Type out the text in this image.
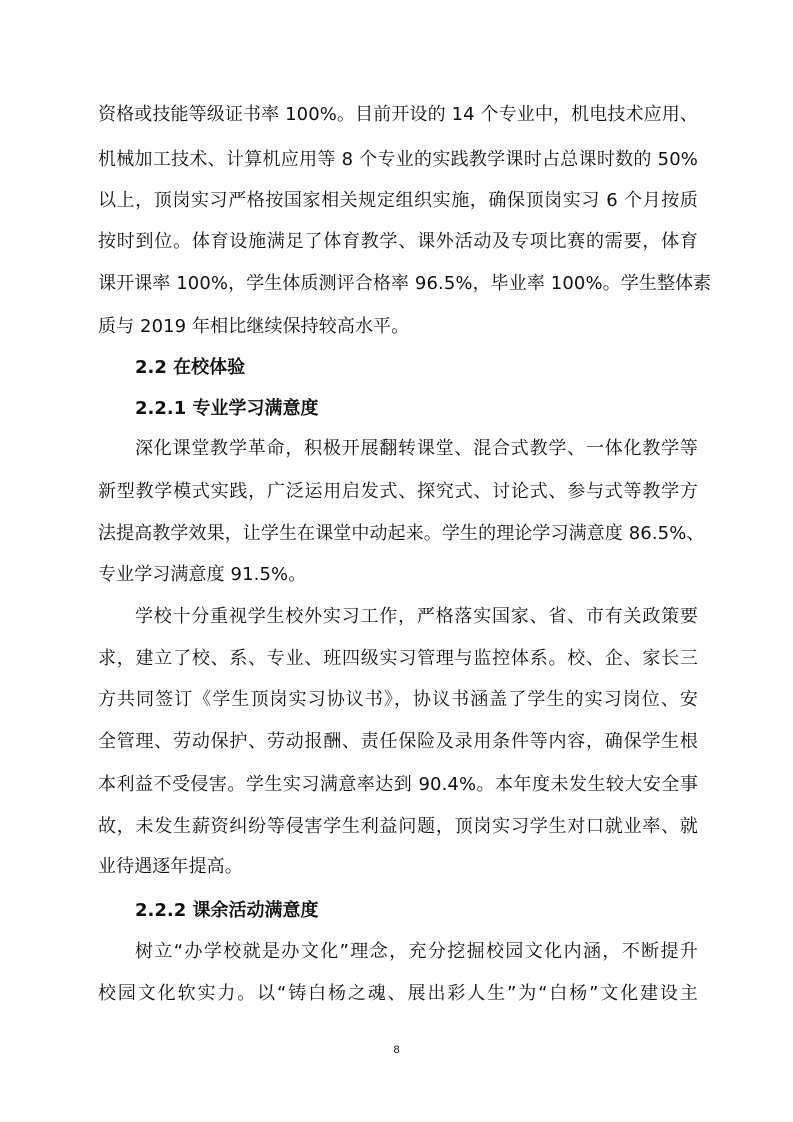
资格或技能等级证书率 100%。目前开设的 14 个专业中，机电技术应用、
机械加工技术、计算机应用等 8 个专业的实践教学课时占总课时数的 50%
以上，顶岗实习严格按国家相关规定组织实施，确保顶岗实习 6 个月按质
按时到位。体育设施满足了体育教学、课外活动及专项比赛的需要，体育
课开课率 100%，学生体质测评合格率 96.5%，毕业率 100%。学生整体素
质与 2019 年相比继续保持较高水平。
2.2 在校体验
2.2.1 专业学习满意度
深化课堂教学革命，积极开展翻转课堂、混合式教学、一体化教学等
新型教学模式实践，广泛运用启发式、探究式、讨论式、参与式等教学方
法提高教学效果，让学生在课堂中动起来。学生的理论学习满意度 86.5%、
专业学习满意度 91.5%。
学校十分重视学生校外实习工作，严格落实国家、省、市有关政策要
求，建立了校、系、专业、班四级实习管理与监控体系。校、企、家长三
方共同签订《学生顶岗实习协议书》，协议书涵盖了学生的实习岗位、安
全管理、劳动保护、劳动报酬、责任保险及录用条件等内容，确保学生根
本利益不受侵害。学生实习满意率达到 90.4%。本年度未发生较大安全事
故，未发生薪资纠纷等侵害学生利益问题，顶岗实习学生对口就业率、就
业待遇逐年提高。
2.2.2 课余活动满意度
树立“办学校就是办文化”理念，充分挖掘校园文化内涵，不断提升
校园文化软实力。以“铸白杨之魂、展出彩人生”为“白杨”文化建设主
8
